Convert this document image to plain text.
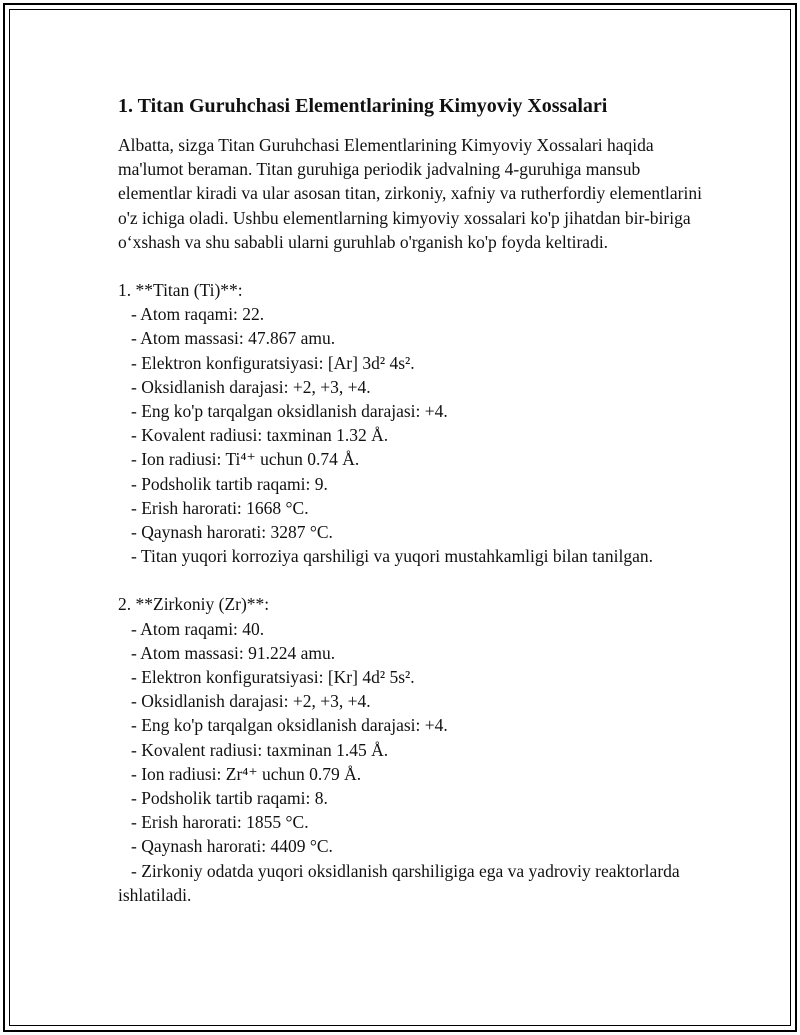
1. Titan Guruhchasi Elementlarining Kimyoviy Xossalari

Albatta, sizga Titan Guruhchasi Elementlarining Kimyoviy Xossalari haqida ma'lumot beraman. Titan guruhiga periodik jadvalning 4-guruhiga mansub elementlar kiradi va ular asosan titan, zirkoniy, xafniy va rutherfordiy elementlarini o'z ichiga oladi. Ushbu elementlarning kimyoviy xossalari ko'p jihatdan bir-biriga oʻxshash va shu sababli ularni guruhlab o'rganish ko'p foyda keltiradi.

1. **Titan (Ti)**:
- Atom raqami: 22.
- Atom massasi: 47.867 amu.
- Elektron konfiguratsiyasi: [Ar] 3d² 4s².
- Oksidlanish darajasi: +2, +3, +4.
- Eng ko'p tarqalgan oksidlanish darajasi: +4.
- Kovalent radiusi: taxminan 1.32 Å.
- Ion radiusi: Ti⁴⁺ uchun 0.74 Å.
- Podsholik tartib raqami: 9.
- Erish harorati: 1668 °C.
- Qaynash harorati: 3287 °C.
- Titan yuqori korroziya qarshiligi va yuqori mustahkamligi bilan tanilgan.
2. **Zirkoniy (Zr)**:
- Atom raqami: 40.
- Atom massasi: 91.224 amu.
- Elektron konfiguratsiyasi: [Kr] 4d² 5s².
- Oksidlanish darajasi: +2, +3, +4.
- Eng ko'p tarqalgan oksidlanish darajasi: +4.
- Kovalent radiusi: taxminan 1.45 Å.
- Ion radiusi: Zr⁴⁺ uchun 0.79 Å.
- Podsholik tartib raqami: 8.
- Erish harorati: 1855 °C.
- Qaynash harorati: 4409 °C.
- Zirkoniy odatda yuqori oksidlanish qarshiligiga ega va yadroviy reaktorlarda ishlatiladi.
